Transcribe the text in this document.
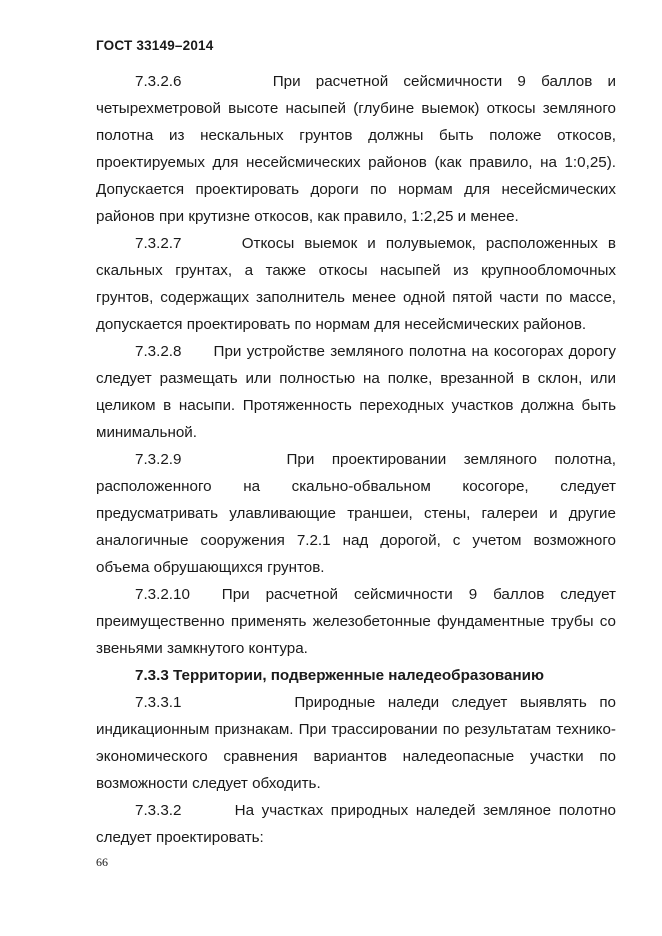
ГОСТ 33149–2014

7.3.2.6	При расчетной сейсмичности 9 баллов и четырехметровой высоте насыпей (глубине выемок) откосы земляного полотна из нескальных грунтов должны быть положе откосов, проектируемых для несейсмических районов (как правило, на 1:0,25). Допускается проектировать дороги по нормам для несейсмических районов при крутизне откосов, как правило, 1:2,25 и менее.

7.3.2.7	Откосы выемок и полувыемок, расположенных в скальных грунтах, а также откосы насыпей из крупнообломочных грунтов, содержащих заполнитель менее одной пятой части по массе, допускается проектировать по нормам для несейсмических районов.

7.3.2.8 При устройстве земляного полотна на косогорах дорогу следует размещать или полностью на полке, врезанной в склон, или целиком в насыпи. Протяженность переходных участков должна быть минимальной.

7.3.2.9	При проектировании земляного полотна, расположенного на скально-обвальном косогоре, следует предусматривать улавливающие траншеи, стены, галереи и другие аналогичные сооружения 7.2.1 над дорогой, с учетом возможного объема обрушающихся грунтов.

7.3.2.10 При расчетной сейсмичности 9 баллов следует преимущественно применять железобетонные фундаментные трубы со звеньями замкнутого контура.

7.3.3 Территории, подверженные наледеобразованию

7.3.3.1	Природные наледи следует выявлять по индикационным признакам. При трассировании по результатам технико-экономического сравнения вариантов наледеопасные участки по возможности следует обходить.

7.3.3.2	На участках природных наледей земляное полотно следует проектировать:

66
